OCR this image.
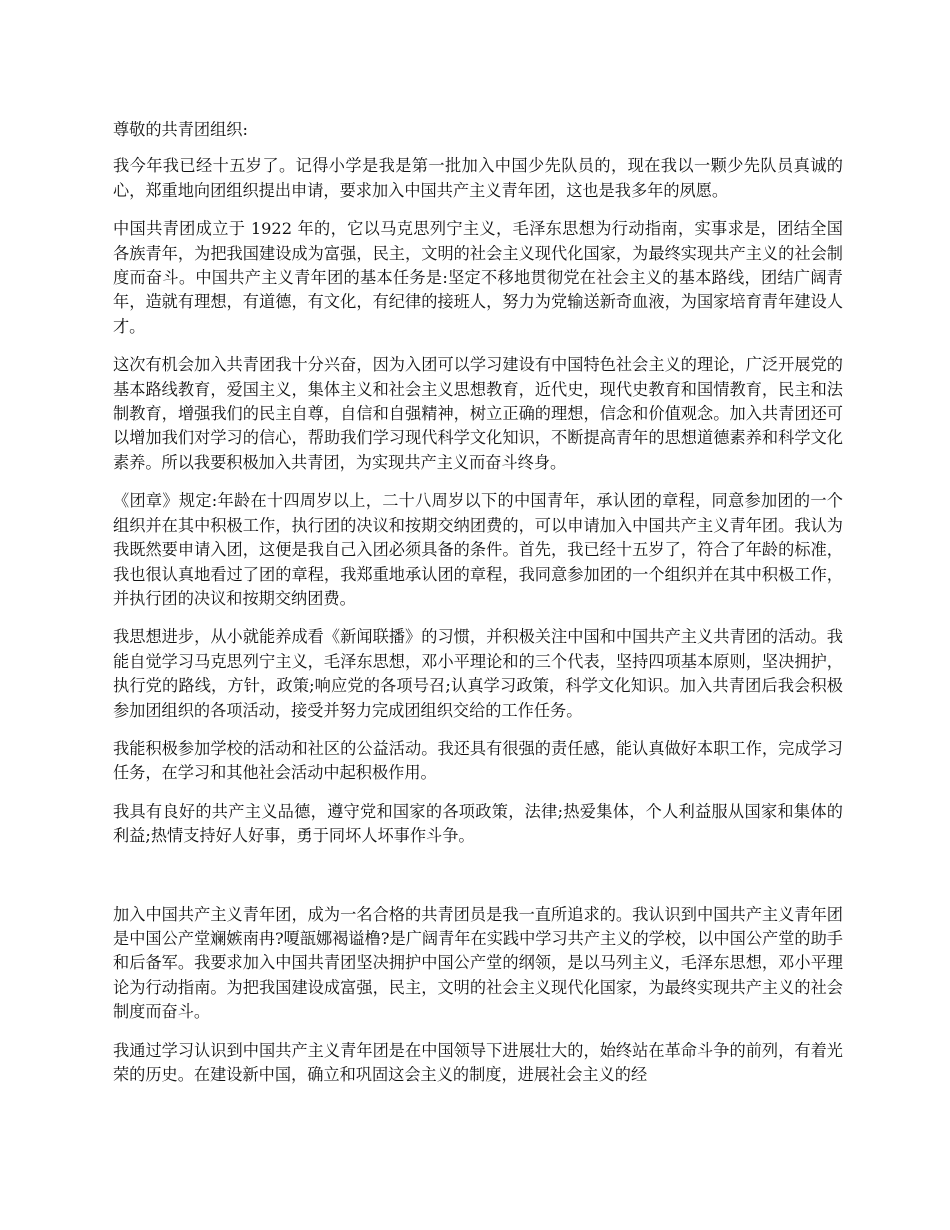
尊敬的共青团组织:

我今年我已经十五岁了。记得小学是我是第一批加入中国少先队员的，现在我以一颗少先队员真诚的心，郑重地向团组织提出申请，要求加入中国共产主义青年团，这也是我多年的夙愿。

中国共青团成立于 1922 年的，它以马克思列宁主义，毛泽东思想为行动指南，实事求是，团结全国各族青年，为把我国建设成为富强，民主，文明的社会主义现代化国家，为最终实现共产主义的社会制度而奋斗。中国共产主义青年团的基本任务是:坚定不移地贯彻党在社会主义的基本路线，团结广阔青年，造就有理想，有道德，有文化，有纪律的接班人，努力为党输送新奇血液，为国家培育青年建设人才。

这次有机会加入共青团我十分兴奋，因为入团可以学习建设有中国特色社会主义的理论，广泛开展党的基本路线教育，爱国主义，集体主义和社会主义思想教育，近代史，现代史教育和国情教育，民主和法制教育，增强我们的民主自尊，自信和自强精神，树立正确的理想，信念和价值观念。加入共青团还可以增加我们对学习的信心，帮助我们学习现代科学文化知识，不断提高青年的思想道德素养和科学文化素养。所以我要积极加入共青团，为实现共产主义而奋斗终身。

《团章》规定:年龄在十四周岁以上，二十八周岁以下的中国青年，承认团的章程，同意参加团的一个组织并在其中积极工作，执行团的决议和按期交纳团费的，可以申请加入中国共产主义青年团。我认为我既然要申请入团，这便是我自己入团必须具备的条件。首先，我已经十五岁了，符合了年龄的标准，我也很认真地看过了团的章程，我郑重地承认团的章程，我同意参加团的一个组织并在其中积极工作，并执行团的决议和按期交纳团费。

我思想进步，从小就能养成看《新闻联播》的习惯，并积极关注中国和中国共产主义共青团的活动。我能自觉学习马克思列宁主义，毛泽东思想，邓小平理论和的三个代表，坚持四项基本原则，坚决拥护，执行党的路线，方针，政策;响应党的各项号召;认真学习政策，科学文化知识。加入共青团后我会积极参加团组织的各项活动，接受并努力完成团组织交给的工作任务。

我能积极参加学校的活动和社区的公益活动。我还具有很强的责任感，能认真做好本职工作，完成学习任务，在学习和其他社会活动中起积极作用。

我具有良好的共产主义品德，遵守党和国家的各项政策，法律;热爱集体，个人利益服从国家和集体的利益;热情支持好人好事，勇于同坏人坏事作斗争。

加入中国共产主义青年团，成为一名合格的共青团员是我一直所追求的。我认识到中国共产主义青年团是中国公产堂斓嫉南冉?嗄瓿娜褐谥橹?是广阔青年在实践中学习共产主义的学校，以中国公产堂的助手和后备军。我要求加入中国共青团坚决拥护中国公产堂的纲领，是以马列主义，毛泽东思想，邓小平理论为行动指南。为把我国建设成富强，民主，文明的社会主义现代化国家，为最终实现共产主义的社会制度而奋斗。

我通过学习认识到中国共产主义青年团是在中国领导下进展壮大的，始终站在革命斗争的前列，有着光荣的历史。在建设新中国，确立和巩固这会主义的制度，进展社会主义的经
